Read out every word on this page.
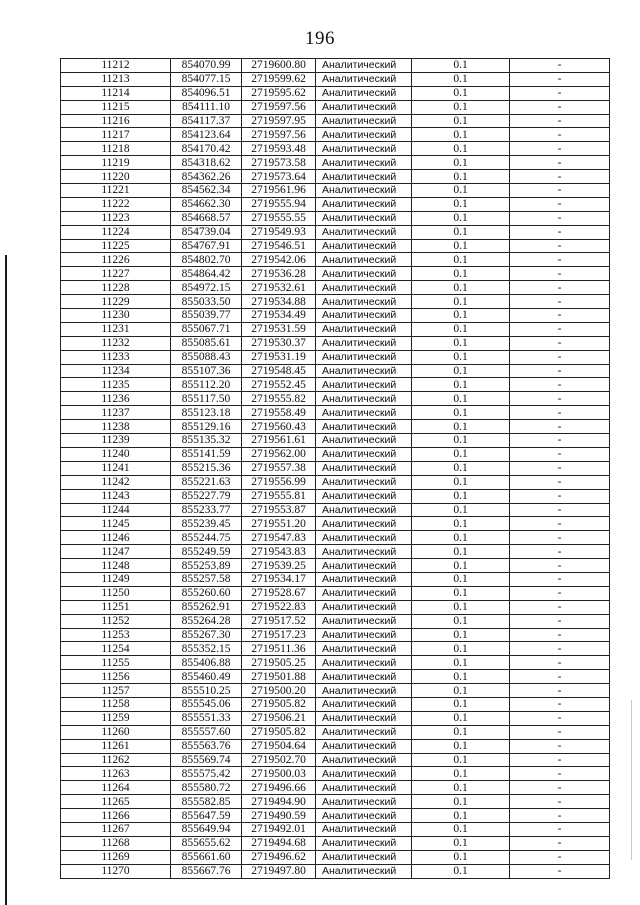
196
11212	854070.99	2719600.80	Аналитический	0.1	-
11213	854077.15	2719599.62	Аналитический	0.1	-
11214	854096.51	2719595.62	Аналитический	0.1	-
11215	854111.10	2719597.56	Аналитический	0.1	-
11216	854117.37	2719597.95	Аналитический	0.1	-
11217	854123.64	2719597.56	Аналитический	0.1	-
11218	854170.42	2719593.48	Аналитический	0.1	-
11219	854318.62	2719573.58	Аналитический	0.1	-
11220	854362.26	2719573.64	Аналитический	0.1	-
11221	854562.34	2719561.96	Аналитический	0.1	-
11222	854662.30	2719555.94	Аналитический	0.1	-
11223	854668.57	2719555.55	Аналитический	0.1	-
11224	854739.04	2719549.93	Аналитический	0.1	-
11225	854767.91	2719546.51	Аналитический	0.1	-
11226	854802.70	2719542.06	Аналитический	0.1	-
11227	854864.42	2719536.28	Аналитический	0.1	-
11228	854972.15	2719532.61	Аналитический	0.1	-
11229	855033.50	2719534.88	Аналитический	0.1	-
11230	855039.77	2719534.49	Аналитический	0.1	-
11231	855067.71	2719531.59	Аналитический	0.1	-
11232	855085.61	2719530.37	Аналитический	0.1	-
11233	855088.43	2719531.19	Аналитический	0.1	-
11234	855107.36	2719548.45	Аналитический	0.1	-
11235	855112.20	2719552.45	Аналитический	0.1	-
11236	855117.50	2719555.82	Аналитический	0.1	-
11237	855123.18	2719558.49	Аналитический	0.1	-
11238	855129.16	2719560.43	Аналитический	0.1	-
11239	855135.32	2719561.61	Аналитический	0.1	-
11240	855141.59	2719562.00	Аналитический	0.1	-
11241	855215.36	2719557.38	Аналитический	0.1	-
11242	855221.63	2719556.99	Аналитический	0.1	-
11243	855227.79	2719555.81	Аналитический	0.1	-
11244	855233.77	2719553.87	Аналитический	0.1	-
11245	855239.45	2719551.20	Аналитический	0.1	-
11246	855244.75	2719547.83	Аналитический	0.1	-
11247	855249.59	2719543.83	Аналитический	0.1	-
11248	855253.89	2719539.25	Аналитический	0.1	-
11249	855257.58	2719534.17	Аналитический	0.1	-
11250	855260.60	2719528.67	Аналитический	0.1	-
11251	855262.91	2719522.83	Аналитический	0.1	-
11252	855264.28	2719517.52	Аналитический	0.1	-
11253	855267.30	2719517.23	Аналитический	0.1	-
11254	855352.15	2719511.36	Аналитический	0.1	-
11255	855406.88	2719505.25	Аналитический	0.1	-
11256	855460.49	2719501.88	Аналитический	0.1	-
11257	855510.25	2719500.20	Аналитический	0.1	-
11258	855545.06	2719505.82	Аналитический	0.1	-
11259	855551.33	2719506.21	Аналитический	0.1	-
11260	855557.60	2719505.82	Аналитический	0.1	-
11261	855563.76	2719504.64	Аналитический	0.1	-
11262	855569.74	2719502.70	Аналитический	0.1	-
11263	855575.42	2719500.03	Аналитический	0.1	-
11264	855580.72	2719496.66	Аналитический	0.1	-
11265	855582.85	2719494.90	Аналитический	0.1	-
11266	855647.59	2719490.59	Аналитический	0.1	-
11267	855649.94	2719492.01	Аналитический	0.1	-
11268	855655.62	2719494.68	Аналитический	0.1	-
11269	855661.60	2719496.62	Аналитический	0.1	-
11270	855667.76	2719497.80	Аналитический	0.1	-
